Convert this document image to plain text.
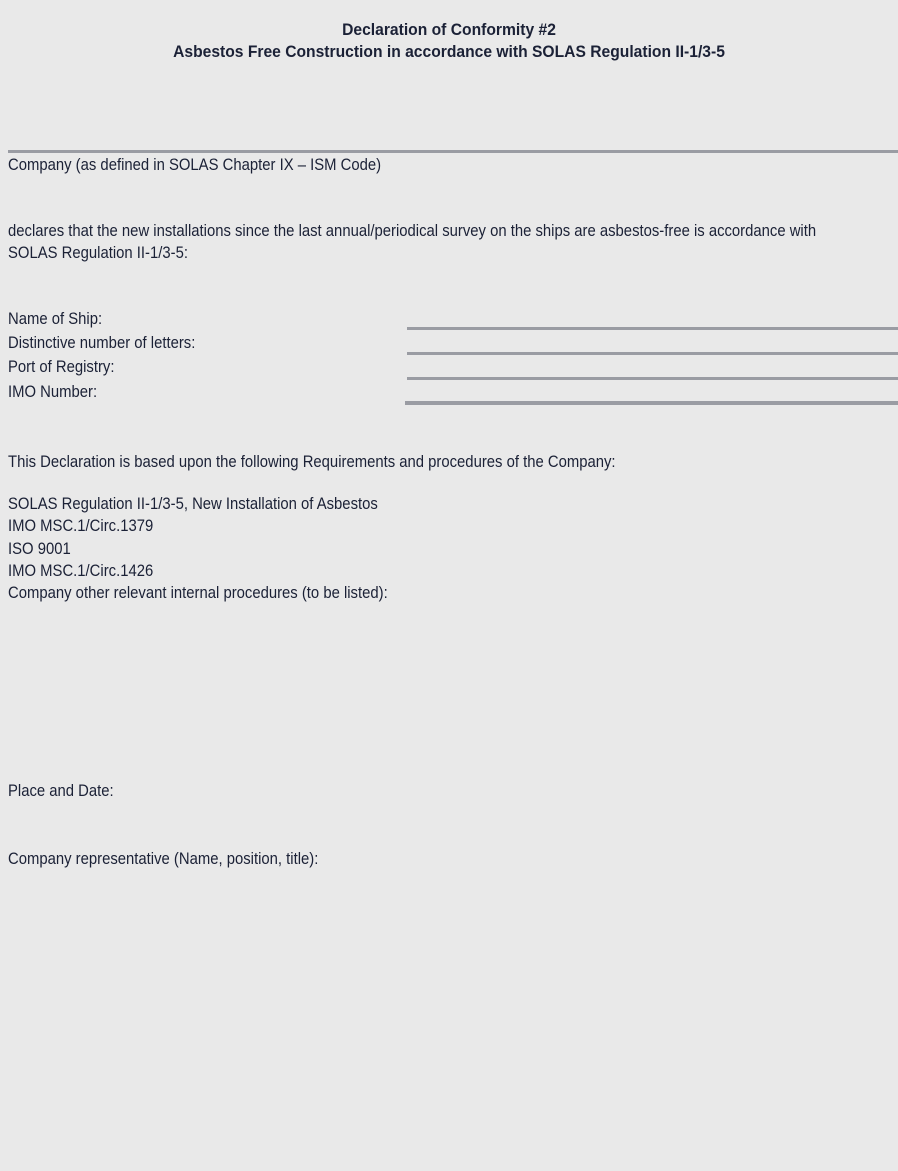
Declaration of Conformity #2
Asbestos Free Construction in accordance with SOLAS Regulation II-1/3-5
Company (as defined in SOLAS Chapter IX – ISM Code)
declares that the new installations since the last annual/periodical survey on the ships are asbestos-free is accordance with
SOLAS Regulation II-1/3-5:
Name of Ship:
Distinctive number of letters:
Port of Registry:
IMO Number:
This Declaration is based upon the following Requirements and procedures of the Company:
SOLAS Regulation II-1/3-5, New Installation of Asbestos
IMO MSC.1/Circ.1379
ISO 9001
IMO MSC.1/Circ.1426
Company other relevant internal procedures (to be listed):
Place and Date:
Company representative (Name, position, title):
